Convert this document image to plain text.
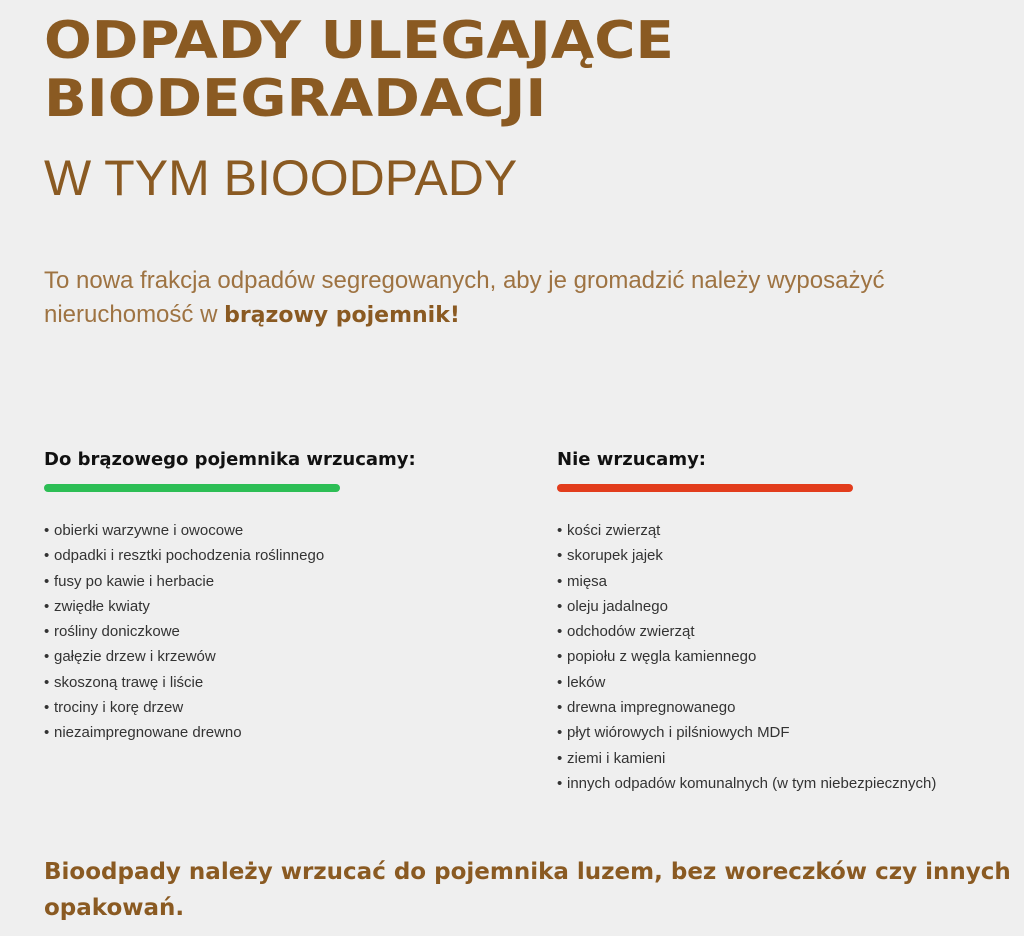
ODPADY ULEGAJĄCE
BIODEGRADACJI
W TYM BIOODPADY

To nowa frakcja odpadów segregowanych, aby je gromadzić należy wyposażyć nieruchomość w brązowy pojemnik!

Do brązowego pojemnika wrzucamy:
• obierki warzywne i owocowe
• odpadki i resztki pochodzenia roślinnego
• fusy po kawie i herbacie
• zwiędłe kwiaty
• rośliny doniczkowe
• gałęzie drzew i krzewów
• skoszoną trawę i liście
• trociny i korę drzew
• niezaimpregnowane drewno
Nie wrzucamy:
• kości zwierząt
• skorupek jajek
• mięsa
• oleju jadalnego
• odchodów zwierząt
• popiołu z węgla kamiennego
• leków
• drewna impregnowanego
• płyt wiórowych i pilśniowych MDF
• ziemi i kamieni
• innych odpadów komunalnych (w tym niebezpiecznych)

Bioodpady należy wrzucać do pojemnika luzem, bez woreczków czy innych opakowań.
